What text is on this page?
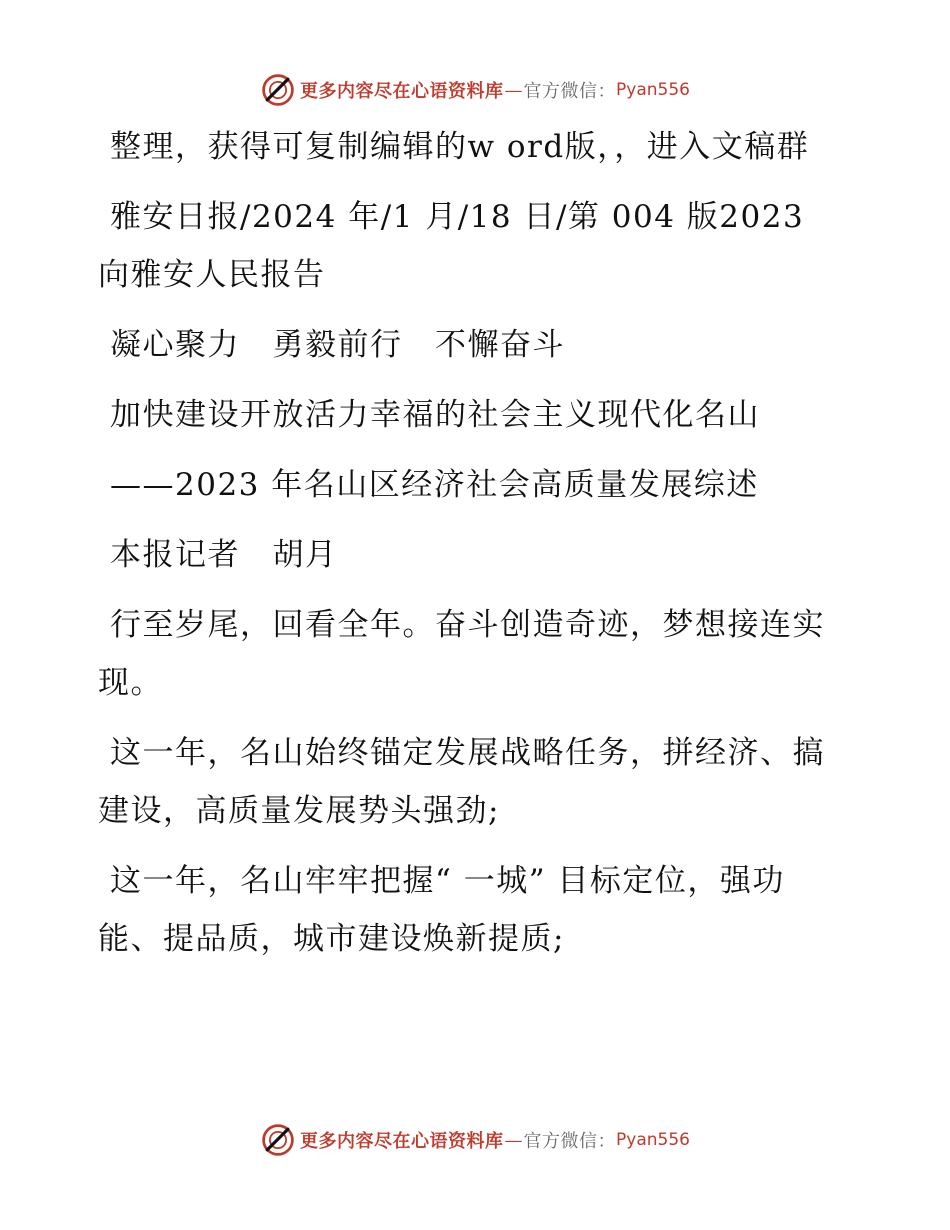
更多内容尽在心语资料库 — 官方微信： Pyan556

整理，获得可复制编辑的w ord版，，进入文稿群

雅安日报/2024 年/1 月/18 日/第 004 版2023向雅安人民报告

凝心聚力　勇毅前行　不懈奋斗

加快建设开放活力幸福的社会主义现代化名山

——2023 年名山区经济社会高质量发展综述

本报记者　胡月

行至岁尾，回看全年。奋斗创造奇迹，梦想接连实现。

这一年，名山始终锚定发展战略任务，拼经济、搞建设，高质量发展势头强劲;

这一年，名山牢牢把握“ 一城” 目标定位，强功能、提品质，城市建设焕新提质;

更多内容尽在心语资料库 — 官方微信： Pyan556
